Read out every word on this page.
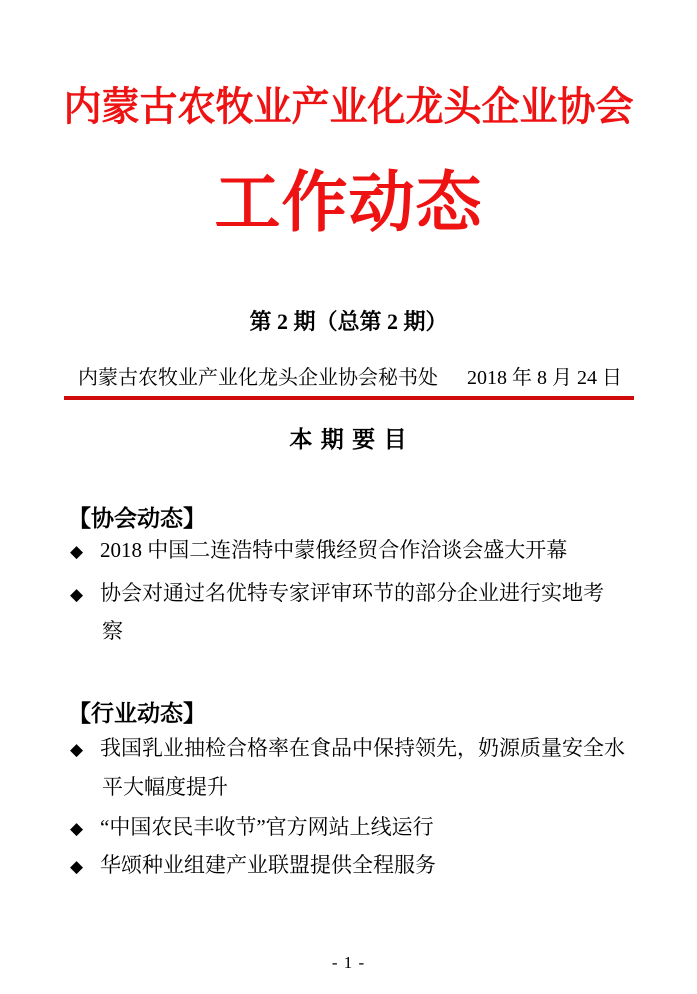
内蒙古农牧业产业化龙头企业协会
工作动态
第 2 期（总第 2 期）
内蒙古农牧业产业化龙头企业协会秘书处 2018 年 8 月 24 日
本 期 要 目
【协会动态】
◆ 2018 中国二连浩特中蒙俄经贸合作洽谈会盛大开幕
◆ 协会对通过名优特专家评审环节的部分企业进行实地考
察
【行业动态】
◆ 我国乳业抽检合格率在食品中保持领先，奶源质量安全水
平大幅度提升
◆ “中国农民丰收节”官方网站上线运行
◆ 华颂种业组建产业联盟提供全程服务
- 1 -
